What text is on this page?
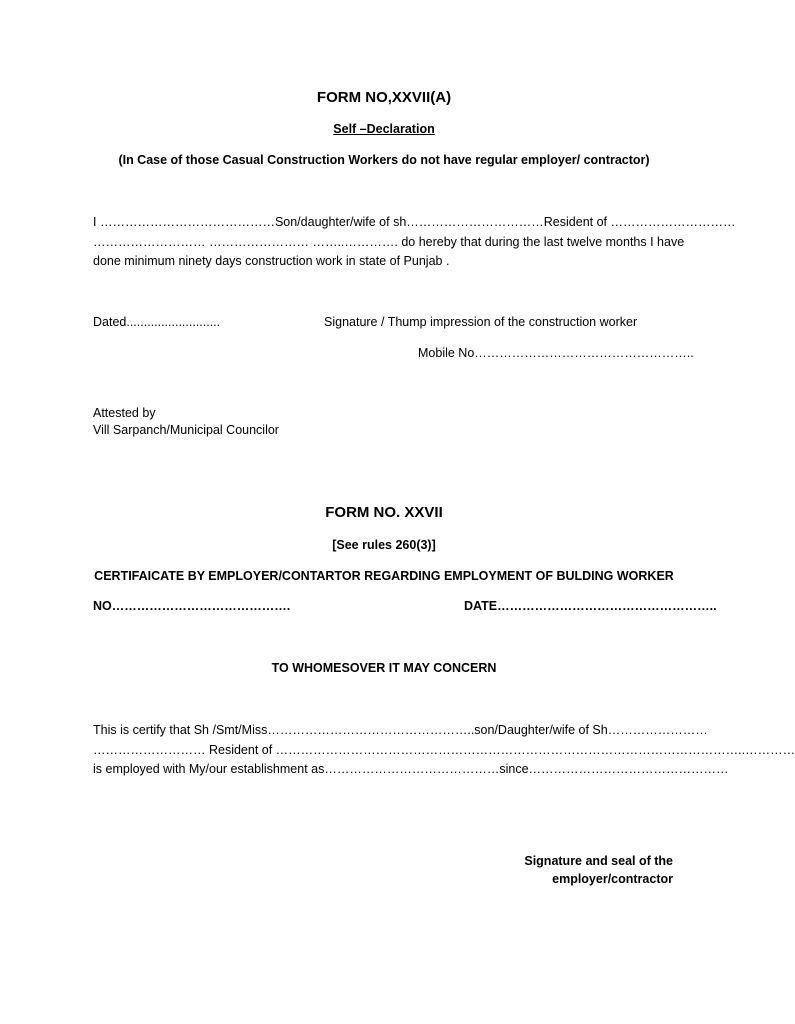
FORM NO,XXVII(A)
Self –Declaration
(In Case of those Casual Construction Workers do not have regular employer/ contractor)
I ……………………………………Son/daughter/wife of sh……………………………Resident of …………………………
……………………… …………………… ……..…………. do hereby that during the last twelve months I have
done minimum ninety days construction work in state of Punjab .
Dated...........................	Signature / Thump impression of the construction worker
Mobile No……………………………………………..
Attested by
Vill Sarpanch/Municipal Councilor
FORM NO. XXVII
[See rules 260(3)]
CERTIFAICATE BY EMPLOYER/CONTARTOR REGARDING EMPLOYMENT OF BULDING WORKER
NO…………………………………….	DATE……………………………………………..
TO WHOMESOVER IT MAY CONCERN
This is certify that Sh /Smt/Miss…………………………………………..son/Daughter/wife of Sh……………………
……………………… Resident of …………………………………………………………………………………………………..…………
is employed with My/our establishment as……………………………………since…………………………………………
Signature and seal of the
employer/contractor
